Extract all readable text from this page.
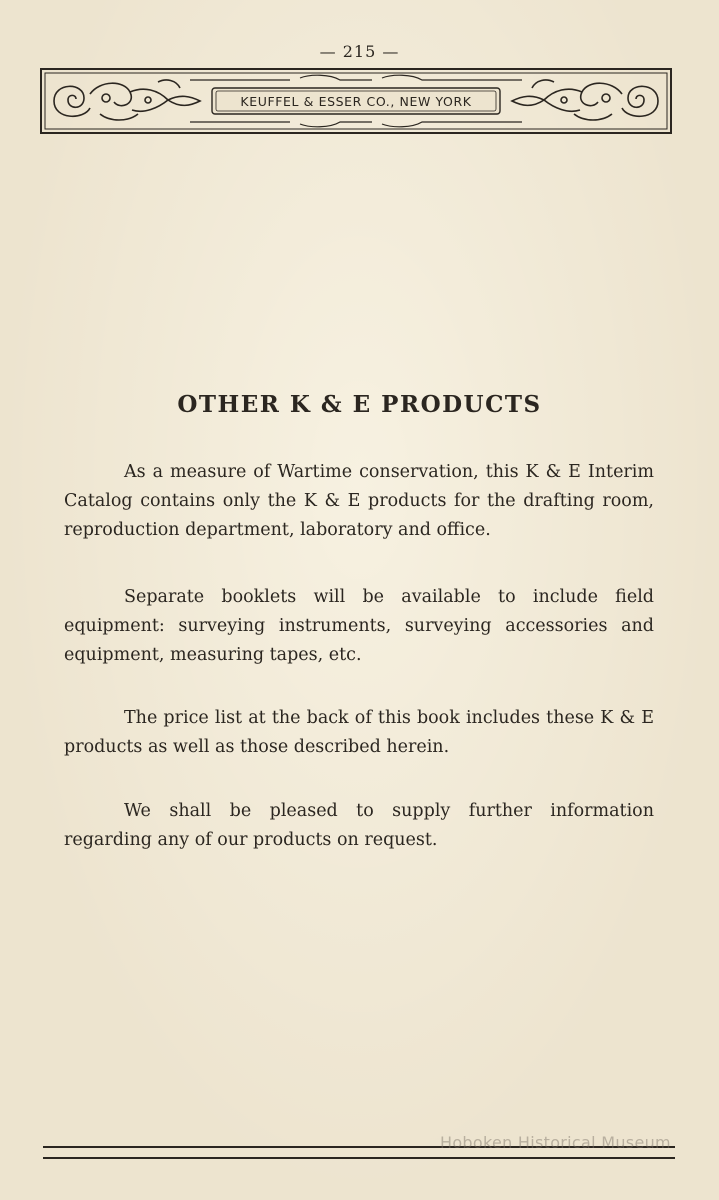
— 215 —
KEUFFEL & ESSER CO., NEW YORK
OTHER K & E PRODUCTS

As a measure of Wartime conservation, this K & E Interim Catalog contains only the K & E products for the drafting room, reproduction department, laboratory and office.

Separate booklets will be available to include field equipment: surveying instruments, surveying accessories and equipment, measuring tapes, etc.

The price list at the back of this book includes these K & E products as well as those described herein.

We shall be pleased to supply further information regarding any of our products on request.

Hoboken Historical Museum
